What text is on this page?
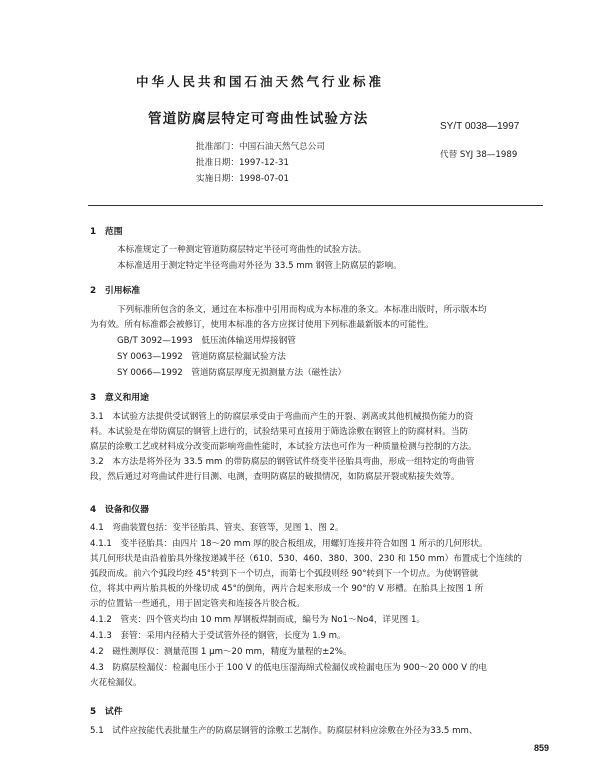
中华人民共和国石油天然气行业标准
管道防腐层特定可弯曲性试验方法	SY/T 0038—1997
批准部门：中国石油天然气总公司
批准日期：1997-12-31
实施日期：1998-07-01
代替 SYJ 38—1989
1　范围
本标准规定了一种测定管道防腐层特定半径可弯曲性的试验方法。
本标准适用于测定特定半径弯曲对外径为 33.5 mm 钢管上防腐层的影响。
2　引用标准
下列标准所包含的条文，通过在本标准中引用而构成为本标准的条文。本标准出版时，所示版本均
为有效。所有标准都会被修订，使用本标准的各方应探讨使用下列标准最新版本的可能性。
GB/T 3092—1993　低压流体输送用焊接钢管
SY 0063—1992　管道防腐层检漏试验方法
SY 0066—1992　管道防腐层厚度无损测量方法（磁性法）
3　意义和用途
3.1　本试验方法提供受试钢管上的防腐层承受由于弯曲而产生的开裂、剥离或其他机械损伤能力的资
料。本试验是在带防腐层的钢管上进行的，试验结果可直接用于筛选涂敷在钢管上的防腐材料。当防
腐层的涂敷工艺或材料成分改变而影响弯曲性能时，本试验方法也可作为一种质量检测与控制的方法。
3.2　本方法是将外径为 33.5 mm 的带防腐层的钢管试件绕变半径胎具弯曲，形成一组特定的弯曲管
段，然后通过对弯曲试件进行目测、电测，查明防腐层的破损情况，如防腐层开裂或粘接失效等。
4　设备和仪器
4.1　弯曲装置包括：变半径胎具、管夹、套管等，见图 1、图 2。
4.1.1　变半径胎具：由四片 18～20 mm 厚的胶合板组成，用螺钉连接并符合如图 1 所示的几何形状。
其几何形状是由沿着胎具外缘按递减半径（610、530、460、380、300、230 和 150 mm）布置成七个连续的
弧段而成。前六个弧段均经 45°转到下一个切点，而第七个弧段则经 90°转到下一个切点。为使钢管就
位，将其中两片胎具板的外缘切成 45°的倒角，两片合起来形成一个 90°的 V 形槽。在胎具上按图 1 所
示的位置钻一些通孔，用于固定管夹和连接各片胶合板。
4.1.2　管夹：四个管夹均由 10 mm 厚钢板焊制而成，编号为 No1～No4，详见图 1。
4.1.3　套管：采用内径稍大于受试管外径的钢管，长度为 1.9 m。
4.2　磁性测厚仪：测量范围 1 μm～20 mm，精度为量程的±2%。
4.3　防腐层检漏仪：检漏电压小于 100 V 的低电压湿海绵式检漏仪或检漏电压为 900～20 000 V 的电
火花检漏仪。
5　试件
5.1　试件应按能代表批量生产的防腐层钢管的涂敷工艺制作。防腐层材料应涂敷在外径为33.5 mm、
859
